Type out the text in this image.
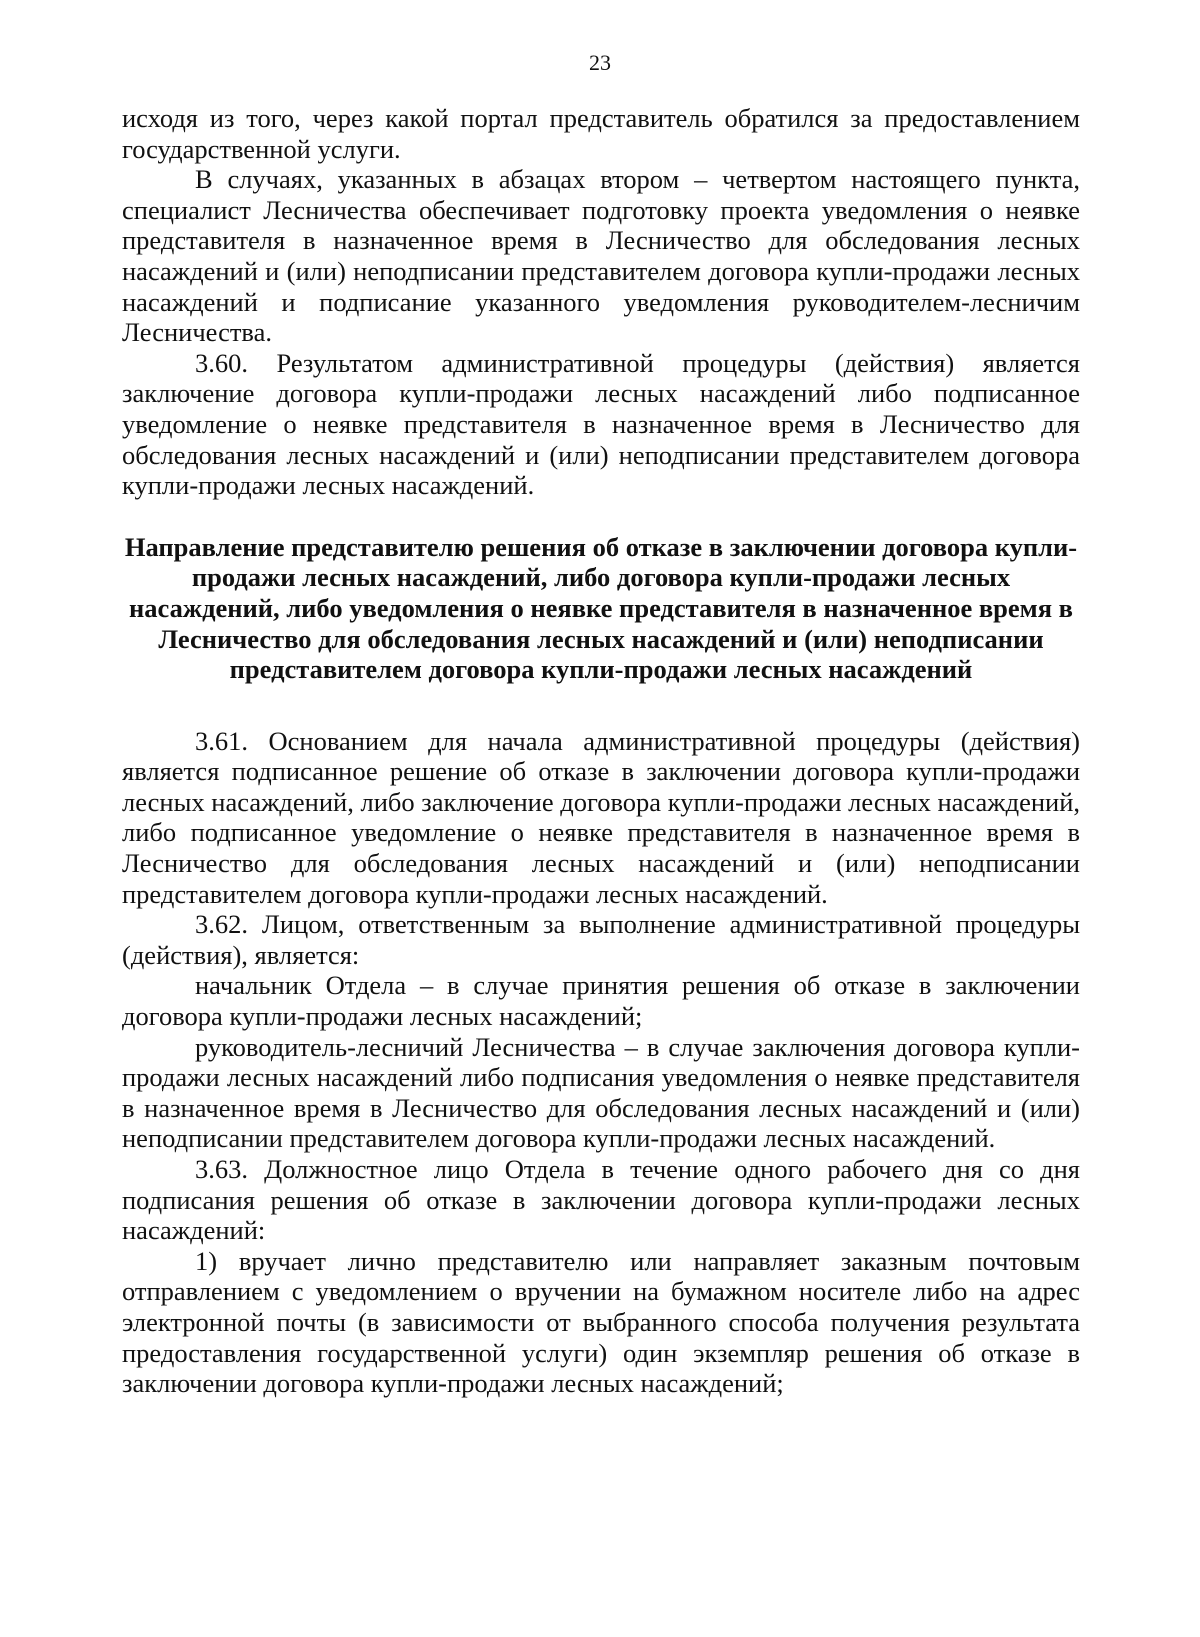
23

исходя из того, через какой портал представитель обратился за предоставлением государственной услуги.

В случаях, указанных в абзацах втором – четвертом настоящего пункта, специалист Лесничества обеспечивает подготовку проекта уведомления о неявке представителя в назначенное время в Лесничество для обследования лесных насаждений и (или) неподписании представителем договора купли-продажи лесных насаждений и подписание указанного уведомления руководителем-лесничим Лесничества.

3.60. Результатом административной процедуры (действия) является заключение договора купли-продажи лесных насаждений либо подписанное уведомление о неявке представителя в назначенное время в Лесничество для обследования лесных насаждений и (или) неподписании представителем договора купли-продажи лесных насаждений.

Направление представителю решения об отказе в заключении договора купли-продажи лесных насаждений, либо договора купли-продажи лесных насаждений, либо уведомления о неявке представителя в назначенное время в Лесничество для обследования лесных насаждений и (или) неподписании представителем договора купли-продажи лесных насаждений

3.61. Основанием для начала административной процедуры (действия) является подписанное решение об отказе в заключении договора купли-продажи лесных насаждений, либо заключение договора купли-продажи лесных насаждений, либо подписанное уведомление о неявке представителя в назначенное время в Лесничество для обследования лесных насаждений и (или) неподписании представителем договора купли-продажи лесных насаждений.

3.62. Лицом, ответственным за выполнение административной процедуры (действия), является:

начальник Отдела – в случае принятия решения об отказе в заключении договора купли-продажи лесных насаждений;

руководитель-лесничий Лесничества – в случае заключения договора купли-продажи лесных насаждений либо подписания уведомления о неявке представителя в назначенное время в Лесничество для обследования лесных насаждений и (или) неподписании представителем договора купли-продажи лесных насаждений.

3.63. Должностное лицо Отдела в течение одного рабочего дня со дня подписания решения об отказе в заключении договора купли-продажи лесных насаждений:

1) вручает лично представителю или направляет заказным почтовым отправлением с уведомлением о вручении на бумажном носителе либо на адрес электронной почты (в зависимости от выбранного способа получения результата предоставления государственной услуги) один экземпляр решения об отказе в заключении договора купли-продажи лесных насаждений;
